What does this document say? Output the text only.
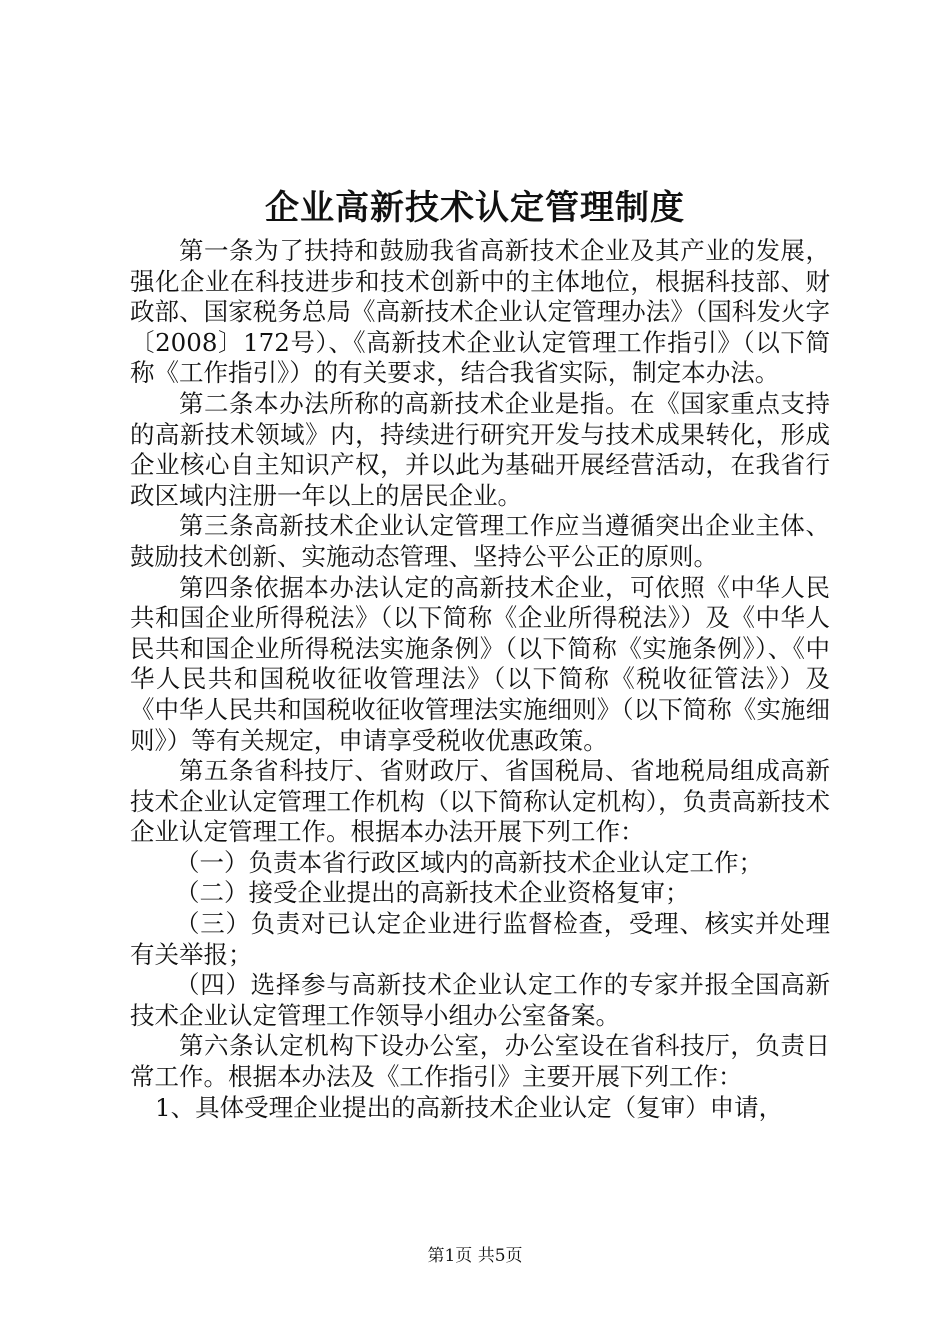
企业高新技术认定管理制度

第一条为了扶持和鼓励我省高新技术企业及其产业的发展，强化企业在科技进步和技术创新中的主体地位，根据科技部、财政部、国家税务总局《高新技术企业认定管理办法》（国科发火字〔2008〕172号）、《高新技术企业认定管理工作指引》（以下简称《工作指引》）的有关要求，结合我省实际，制定本办法。

第二条本办法所称的高新技术企业是指。在《国家重点支持的高新技术领域》内，持续进行研究开发与技术成果转化，形成企业核心自主知识产权，并以此为基础开展经营活动，在我省行政区域内注册一年以上的居民企业。

第三条高新技术企业认定管理工作应当遵循突出企业主体、鼓励技术创新、实施动态管理、坚持公平公正的原则。

第四条依据本办法认定的高新技术企业，可依照《中华人民共和国企业所得税法》（以下简称《企业所得税法》）及《中华人民共和国企业所得税法实施条例》（以下简称《实施条例》）、《中华人民共和国税收征收管理法》（以下简称《税收征管法》）及《中华人民共和国税收征收管理法实施细则》（以下简称《实施细则》）等有关规定，申请享受税收优惠政策。

第五条省科技厅、省财政厅、省国税局、省地税局组成高新技术企业认定管理工作机构（以下简称认定机构），负责高新技术企业认定管理工作。根据本办法开展下列工作：

（一）负责本省行政区域内的高新技术企业认定工作；

（二）接受企业提出的高新技术企业资格复审；

（三）负责对已认定企业进行监督检查，受理、核实并处理有关举报；

（四）选择参与高新技术企业认定工作的专家并报全国高新技术企业认定管理工作领导小组办公室备案。

第六条认定机构下设办公室，办公室设在省科技厅，负责日常工作。根据本办法及《工作指引》主要开展下列工作：

1、具体受理企业提出的高新技术企业认定（复审）申请，

第1页 共5页
